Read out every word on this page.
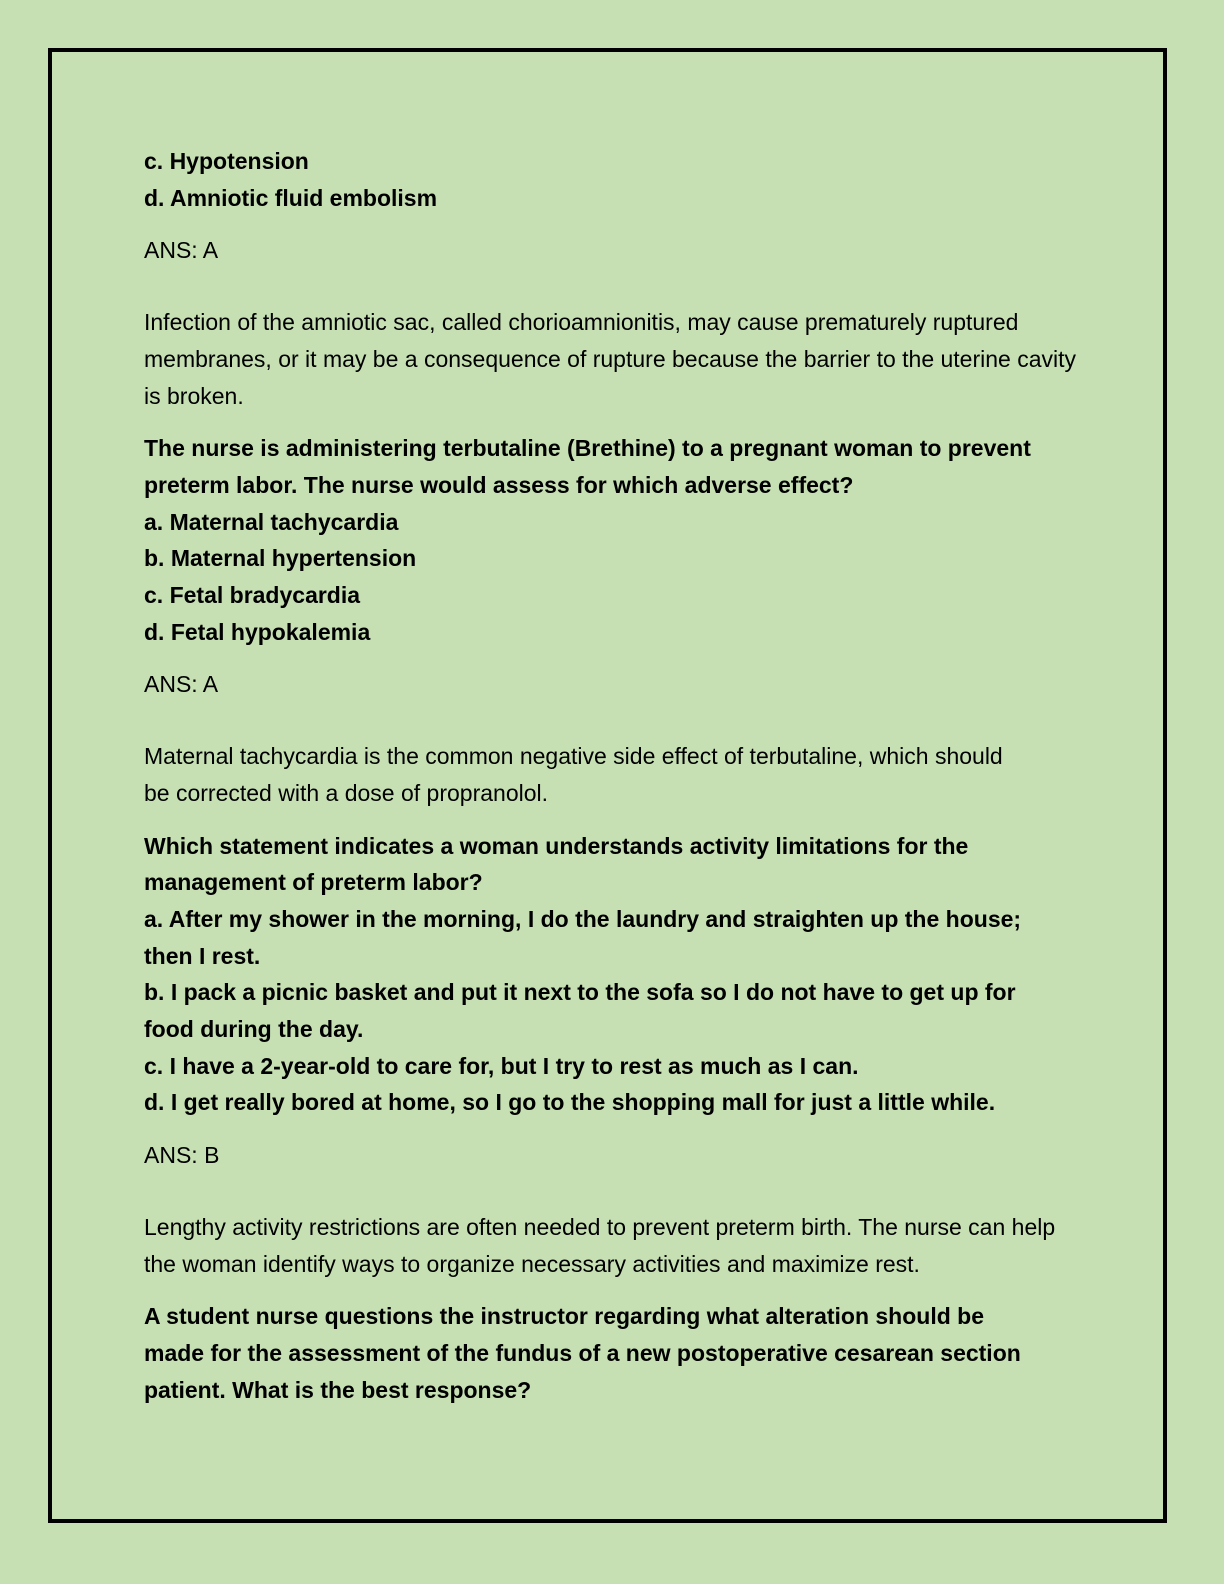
c. Hypotension
d. Amniotic fluid embolism
ANS: A
Infection of the amniotic sac, called chorioamnionitis, may cause prematurely ruptured membranes, or it may be a consequence of rupture because the barrier to the uterine cavity is broken.
The nurse is administering terbutaline (Brethine) to a pregnant woman to prevent
preterm labor. The nurse would assess for which adverse effect?
a. Maternal tachycardia
b. Maternal hypertension
c. Fetal bradycardia
d. Fetal hypokalemia
ANS: A
Maternal tachycardia is the common negative side effect of terbutaline, which should be corrected with a dose of propranolol.
Which statement indicates a woman understands activity limitations for the
management of preterm labor?
a. After my shower in the morning, I do the laundry and straighten up the house;
then I rest.
b. I pack a picnic basket and put it next to the sofa so I do not have to get up for
food during the day.
c. I have a 2-year-old to care for, but I try to rest as much as I can.
d. I get really bored at home, so I go to the shopping mall for just a little while.
ANS: B
Lengthy activity restrictions are often needed to prevent preterm birth. The nurse can help the woman identify ways to organize necessary activities and maximize rest.
A student nurse questions the instructor regarding what alteration should be
made for the assessment of the fundus of a new postoperative cesarean section
patient. What is the best response?
